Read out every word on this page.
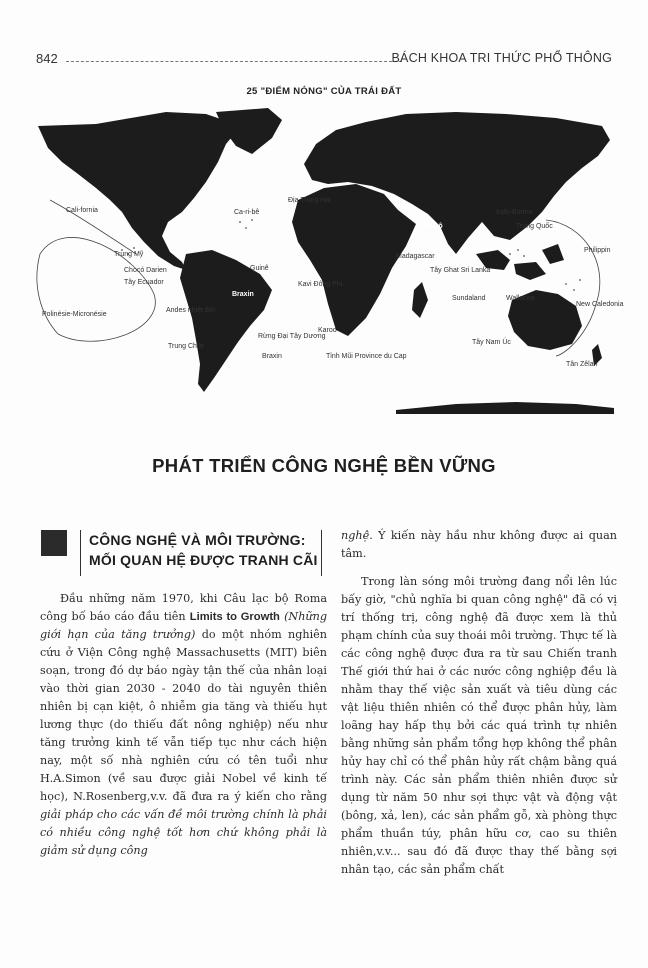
842	BÁCH KHOA TRI THỨC PHỔ THÔNG
25 "ĐIỂM NÓNG" CỦA TRÁI ĐẤT
Cali-fornia
Trung Mỹ
Chocó Darien
Tây Ecuador
Polinésie-Micronésie
Andes nhiệt đới
Trung Chile
Braxin
Rừng Đại Tây Dương
Braxin
Ca-ri-bê
Địa Trung Hải
Guinê
Karoo
Tỉnh Mũi Province du Cap
Kavi Đông Phi
Madagascar
Ấn Độ
Tây Ghat Sri Lanka
Sundaland	Wallacea
Tây Nam Úc
Philippin
New Caledonia
Tân Zêlan
Indo-Burma
Trung Quốc
PHÁT TRIỂN CÔNG NGHỆ BỀN VỮNG
CÔNG NGHỆ VÀ MÔI TRƯỜNG:
MỐI QUAN HỆ ĐƯỢC TRANH CÃI

Đầu những năm 1970, khi Câu lạc bộ Roma công bố báo cáo đầu tiên Limits to Growth (Những giới hạn của tăng trưởng) do một nhóm nghiên cứu ở Viện Công nghệ Massachusetts (MIT) biên soạn, trong đó dự báo ngày tận thế của nhân loại vào thời gian 2030 - 2040 do tài nguyên thiên nhiên bị cạn kiệt, ô nhiễm gia tăng và thiếu hụt lương thực (do thiếu đất nông nghiệp) nếu như tăng trưởng kinh tế vẫn tiếp tục như cách hiện nay, một số nhà nghiên cứu có tên tuổi như H.A.Simon (về sau được giải Nobel về kinh tế học), N.Rosenberg,v.v. đã đưa ra ý kiến cho rằng giải pháp cho các vấn đề môi trường chính là phải có nhiều công nghệ tốt hơn chứ không phải là giảm sử dụng công

nghệ. Ý kiến này hầu như không được ai quan tâm.

Trong làn sóng môi trường đang nổi lên lúc bấy giờ, "chủ nghĩa bi quan công nghệ" đã có vị trí thống trị, công nghệ đã được xem là thủ phạm chính của suy thoái môi trường. Thực tế là các công nghệ được đưa ra từ sau Chiến tranh Thế giới thứ hai ở các nước công nghiệp đều là nhằm thay thế việc sản xuất và tiêu dùng các vật liệu thiên nhiên có thể được phân hủy, làm loãng hay hấp thụ bởi các quá trình tự nhiên bằng những sản phẩm tổng hợp không thể phân hủy hay chỉ có thể phân hủy rất chậm bằng quá trình này. Các sản phẩm thiên nhiên được sử dụng từ năm 50 như sợi thực vật và động vật (bông, xả, len), các sản phẩm gỗ, xà phòng thực phẩm thuần túy, phân hữu cơ, cao su thiên nhiên,v.v... sau đó đã được thay thế bằng sợi nhân tạo, các sản phẩm chất
